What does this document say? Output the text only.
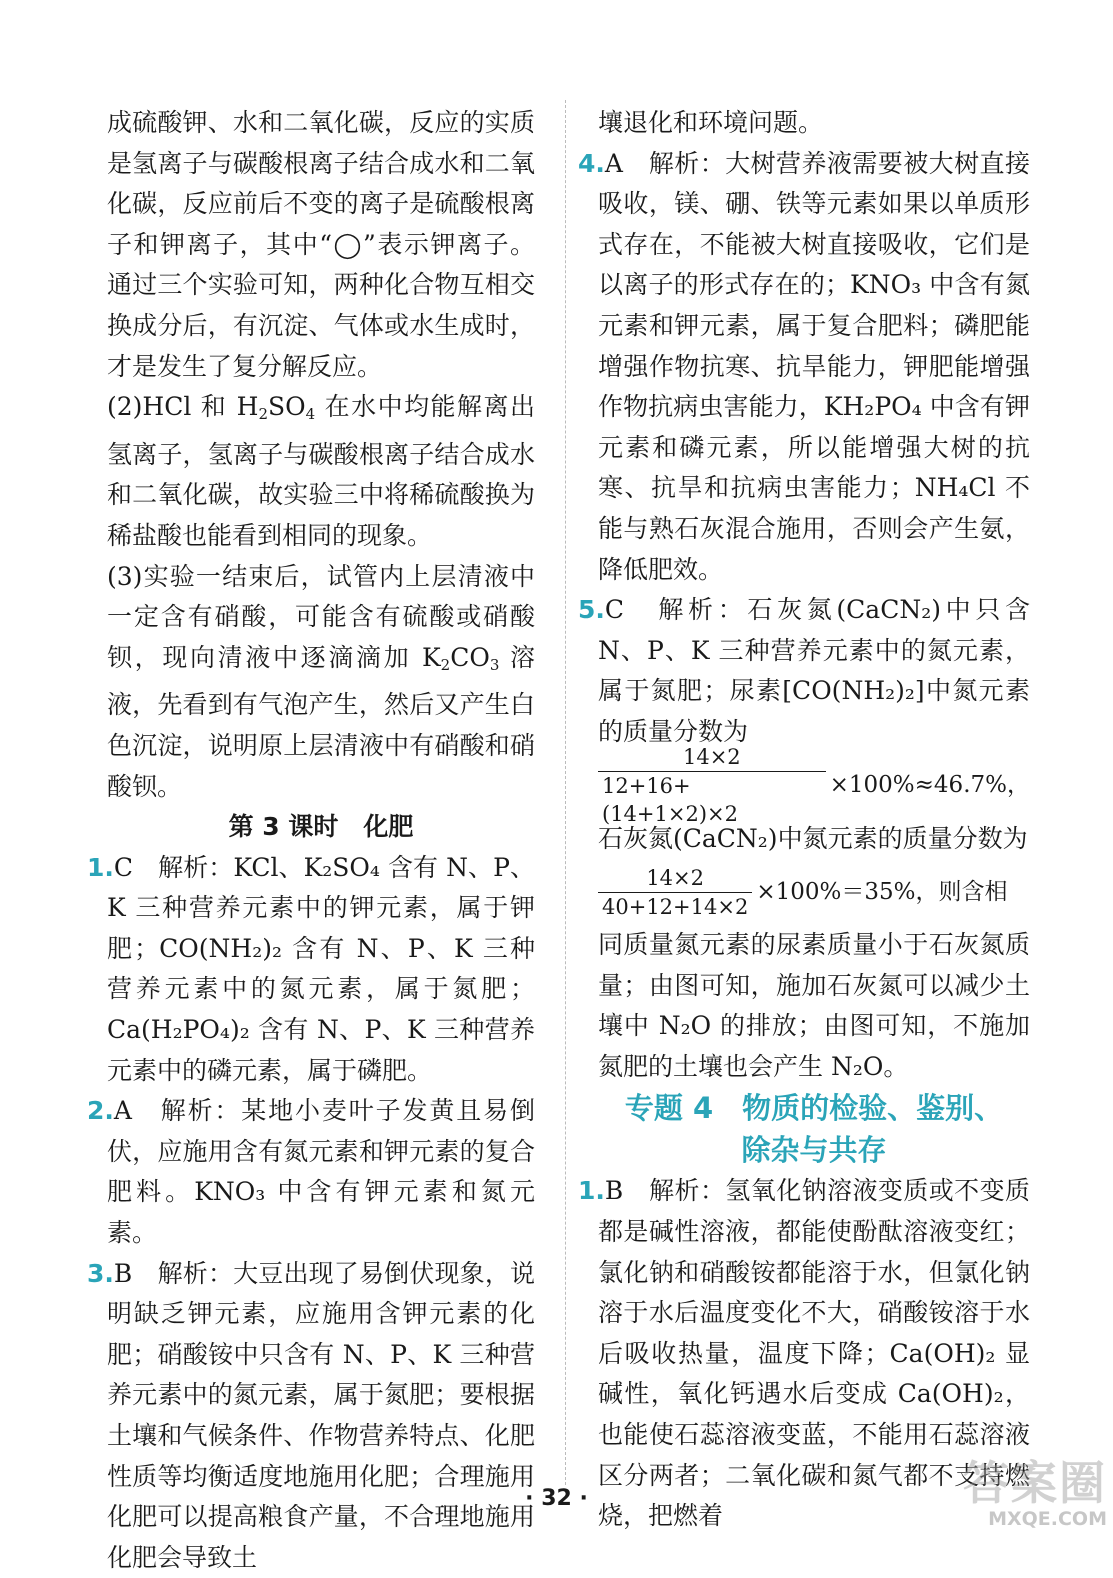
成硫酸钾、水和二氧化碳，反应的实质是氢离子与碳酸根离子结合成水和二氧化碳，反应前后不变的离子是硫酸根离子和钾离子，其中“◯”表示钾离子。通过三个实验可知，两种化合物互相交换成分后，有沉淀、气体或水生成时，才是发生了复分解反应。

(2)HCl 和 $H_2SO_4$ 在水中均能解离出氢离子，氢离子与碳酸根离子结合成水和二氧化碳，故实验三中将稀硫酸换为稀盐酸也能看到相同的现象。

(3)实验一结束后，试管内上层清液中一定含有硝酸，可能含有硫酸或硝酸钡，现向清液中逐滴滴加 $K_2CO_3$ 溶液，先看到有气泡产生，然后又产生白色沉淀，说明原上层清液中有硝酸和硝酸钡。

第 3 课时　化肥

1.C　解析：KCl、K₂SO₄ 含有 N、P、K 三种营养元素中的钾元素，属于钾肥；CO(NH₂)₂ 含有 N、P、K 三种营养元素中的氮元素，属于氮肥；Ca(H₂PO₄)₂ 含有 N、P、K 三种营养元素中的磷元素，属于磷肥。

2.A　解析：某地小麦叶子发黄且易倒伏，应施用含有氮元素和钾元素的复合肥料。KNO₃ 中含有钾元素和氮元素。

3.B　解析：大豆出现了易倒伏现象，说明缺乏钾元素，应施用含钾元素的化肥；硝酸铵中只含有 N、P、K 三种营养元素中的氮元素，属于氮肥；要根据土壤和气候条件、作物营养特点、化肥性质等均衡适度地施用化肥；合理施用化肥可以提高粮食产量，不合理地施用化肥会导致土

壤退化和环境问题。

4.A　解析：大树营养液需要被大树直接吸收，镁、硼、铁等元素如果以单质形式存在，不能被大树直接吸收，它们是以离子的形式存在的；KNO₃ 中含有氮元素和钾元素，属于复合肥料；磷肥能增强作物抗寒、抗旱能力，钾肥能增强作物抗病虫害能力，KH₂PO₄ 中含有钾元素和磷元素，所以能增强大树的抗寒、抗旱和抗病虫害能力；NH₄Cl 不能与熟石灰混合施用，否则会产生氨，降低肥效。

5.C　解析：石灰氮(CaCN₂)中只含 N、P、K 三种营养元素中的氮元素，属于氮肥；尿素[CO(NH₂)₂]中氮元素的质量分数为

$\frac{14\times 2}{12+16+(14+1\times 2)\times 2} \times 100\%\approx 46.7\%$，

石灰氮(CaCN₂)中氮元素的质量分数为

$\frac{14\times 2}{40+12+14\times 2} \times 100\%=35\%$，则含相

同质量氮元素的尿素质量小于石灰氮质量；由图可知，施加石灰氮可以减少土壤中 N₂O 的排放；由图可知，不施加氮肥的土壤也会产生 N₂O。

专题 4　物质的检验、鉴别、
除杂与共存

1.B　解析：氢氧化钠溶液变质或不变质都是碱性溶液，都能使酚酞溶液变红；氯化钠和硝酸铵都能溶于水，但氯化钠溶于水后温度变化不大，硝酸铵溶于水后吸收热量，温度下降；Ca(OH)₂ 显碱性，氧化钙遇水后变成 Ca(OH)₂，也能使石蕊溶液变蓝，不能用石蕊溶液区分两者；二氧化碳和氮气都不支持燃烧，把燃着

· 32 ·	答案圈
MXQE.COM
